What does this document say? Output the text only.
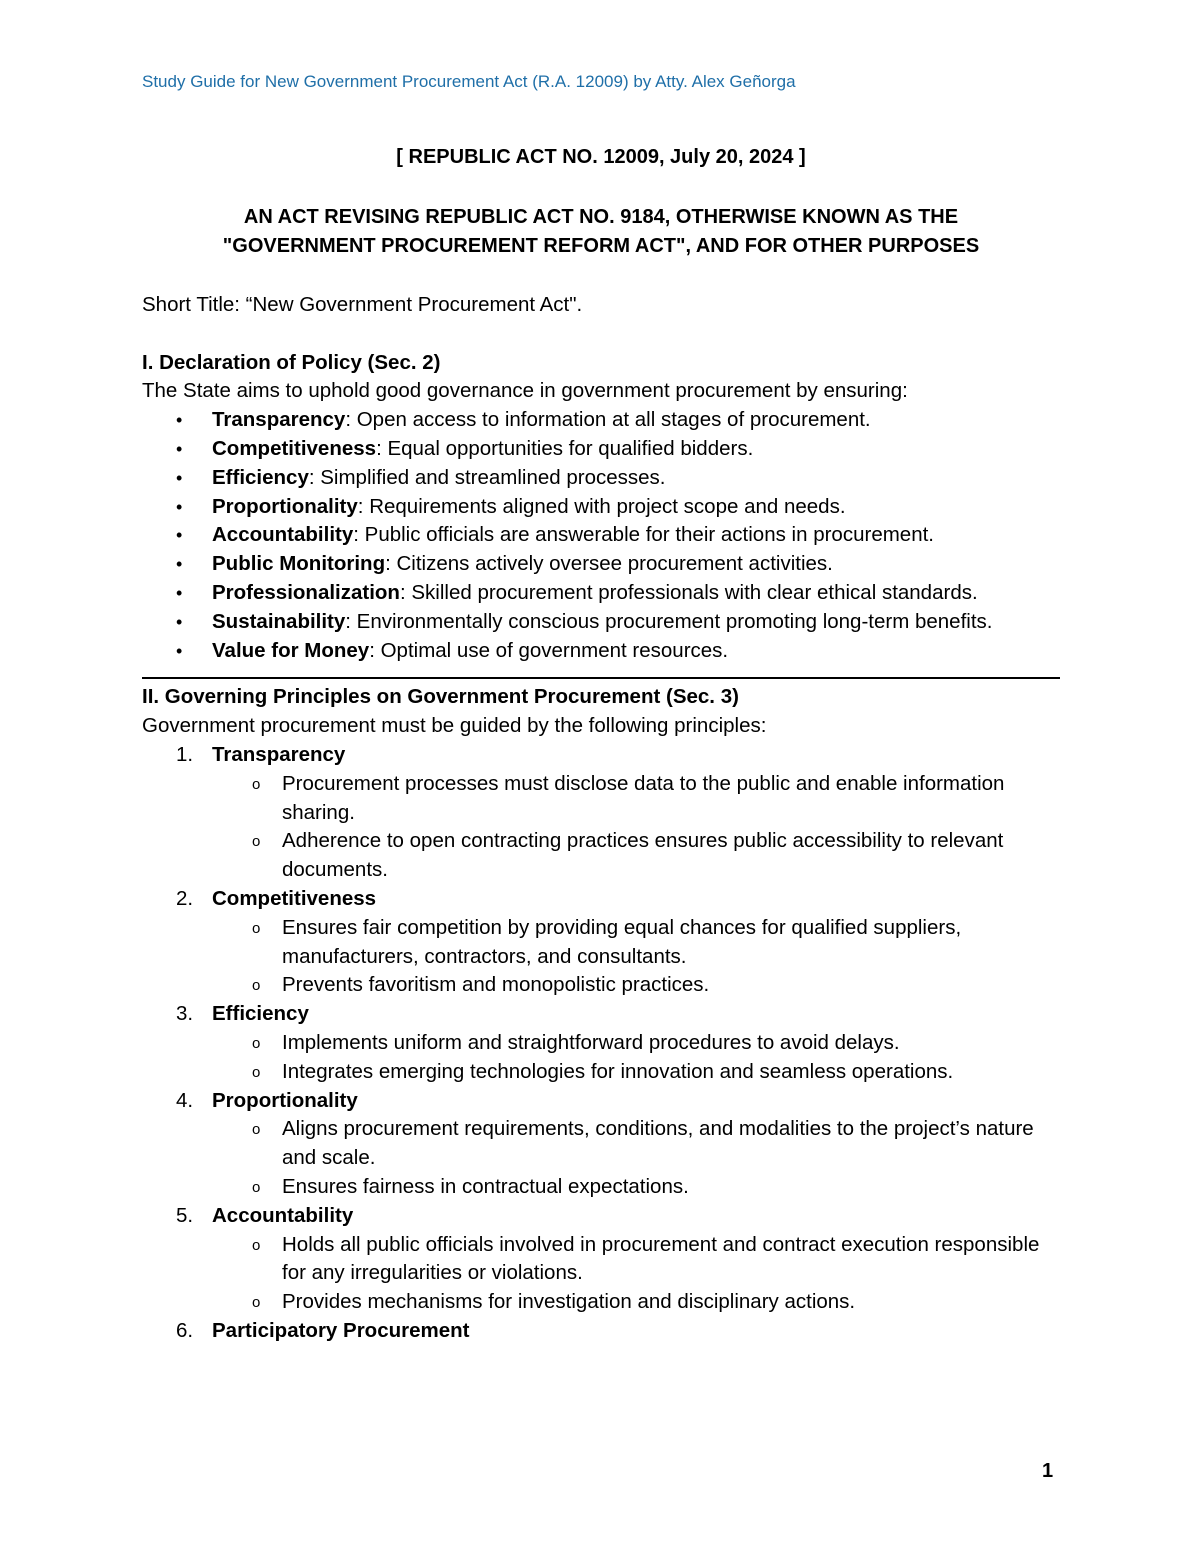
Study Guide for New Government Procurement Act (R.A. 12009) by Atty. Alex Geñorga

[ REPUBLIC ACT NO. 12009, July 20, 2024 ]

AN ACT REVISING REPUBLIC ACT NO. 9184, OTHERWISE KNOWN AS THE
"GOVERNMENT PROCUREMENT REFORM ACT", AND FOR OTHER PURPOSES

Short Title: “New Government Procurement Act".

I. Declaration of Policy (Sec. 2)

The State aims to uphold good governance in government procurement by ensuring:

• Transparency: Open access to information at all stages of procurement.
• Competitiveness: Equal opportunities for qualified bidders.
• Efficiency: Simplified and streamlined processes.
• Proportionality: Requirements aligned with project scope and needs.
• Accountability: Public officials are answerable for their actions in procurement.
• Public Monitoring: Citizens actively oversee procurement activities.
• Professionalization: Skilled procurement professionals with clear ethical standards.
• Sustainability: Environmentally conscious procurement promoting long-term benefits.
• Value for Money: Optimal use of government resources.

II. Governing Principles on Government Procurement (Sec. 3)

Government procurement must be guided by the following principles:

1. Transparency
o Procurement processes must disclose data to the public and enable information sharing.
o Adherence to open contracting practices ensures public accessibility to relevant documents.
2. Competitiveness
o Ensures fair competition by providing equal chances for qualified suppliers, manufacturers, contractors, and consultants.
o Prevents favoritism and monopolistic practices.
3. Efficiency
o Implements uniform and straightforward procedures to avoid delays.
o Integrates emerging technologies for innovation and seamless operations.
4. Proportionality
o Aligns procurement requirements, conditions, and modalities to the project’s nature and scale.
o Ensures fairness in contractual expectations.
5. Accountability
o Holds all public officials involved in procurement and contract execution responsible for any irregularities or violations.
o Provides mechanisms for investigation and disciplinary actions.
6. Participatory Procurement
1
